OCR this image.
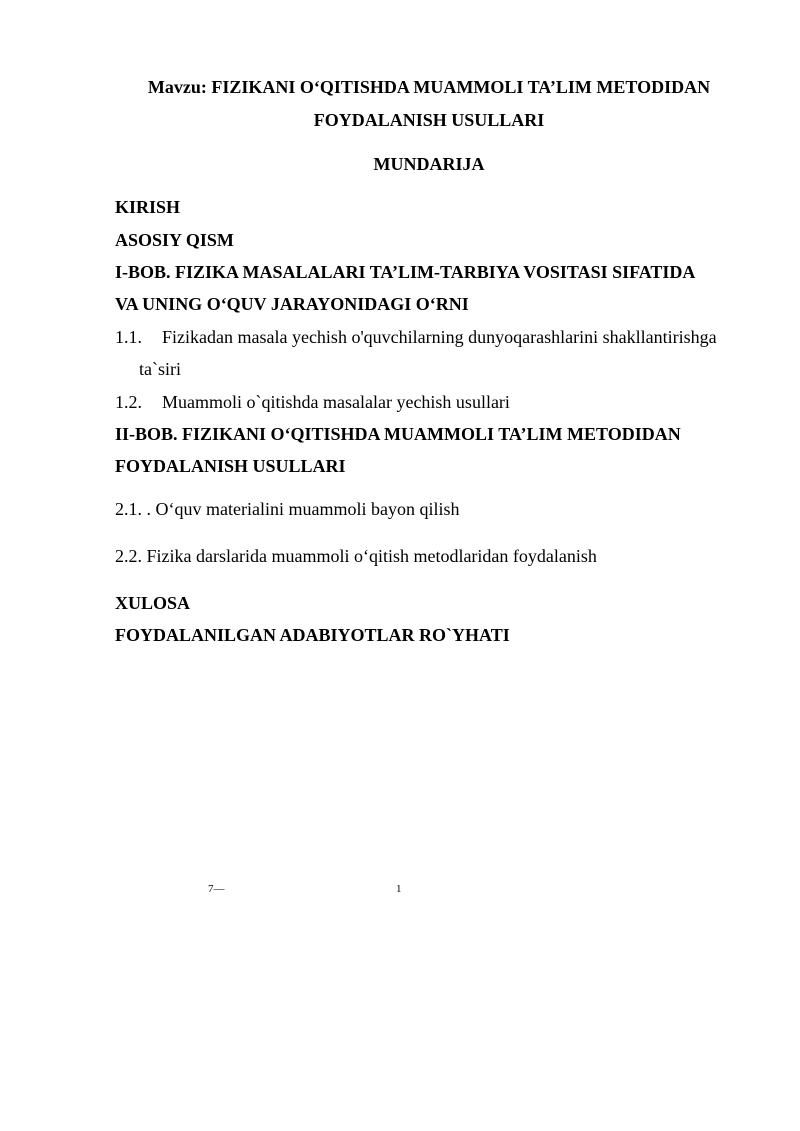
Mavzu: FIZIKANI O‘QITISHDA MUAMMOLI TA’LIM METODIDAN
FOYDALANISH USULLARI
MUNDARIJA
KIRISH
ASOSIY QISM
I-BOB. FIZIKA MASALALARI TA’LIM-TARBIYA VOSITASI SIFATIDA
VA UNING O‘QUV JARAYONIDAGI O‘RNI
1.1. Fizikadan masala yechish o'quvchilarning dunyoqarashlarini shakllantirishga
ta`siri
1.2. Muammoli o`qitishda masalalar yechish usullari
II-BOB. FIZIKANI O‘QITISHDA MUAMMOLI TA’LIM METODIDAN
FOYDALANISH USULLARI
2.1. . O‘quv materialini muammoli bayon qilish
2.2. Fizika darslarida muammoli o‘qitish metodlaridan foydalanish
XULOSA
FOYDALANILGAN ADABIYOTLAR RO`YHATI
7—	1
